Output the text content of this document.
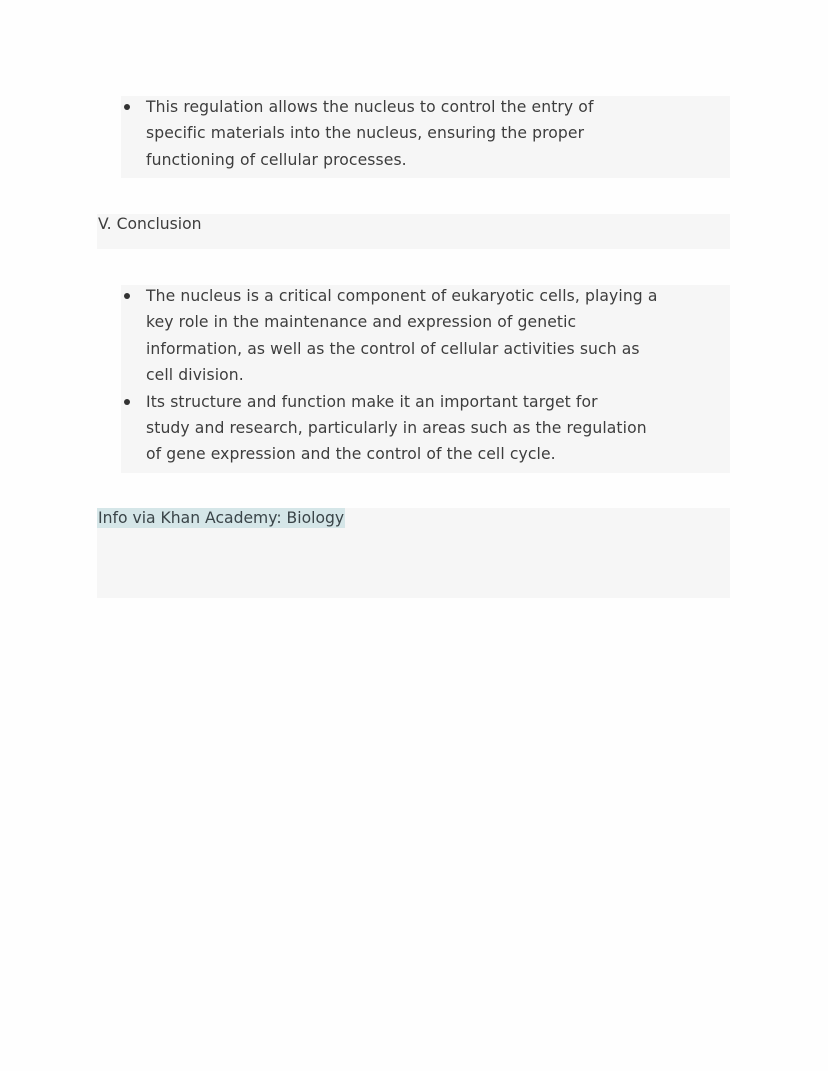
This regulation allows the nucleus to control the entry of
specific materials into the nucleus, ensuring the proper
functioning of cellular processes.
V. Conclusion
The nucleus is a critical component of eukaryotic cells, playing a
key role in the maintenance and expression of genetic
information, as well as the control of cellular activities such as
cell division.
Its structure and function make it an important target for
study and research, particularly in areas such as the regulation
of gene expression and the control of the cell cycle.
Info via Khan Academy: Biology
